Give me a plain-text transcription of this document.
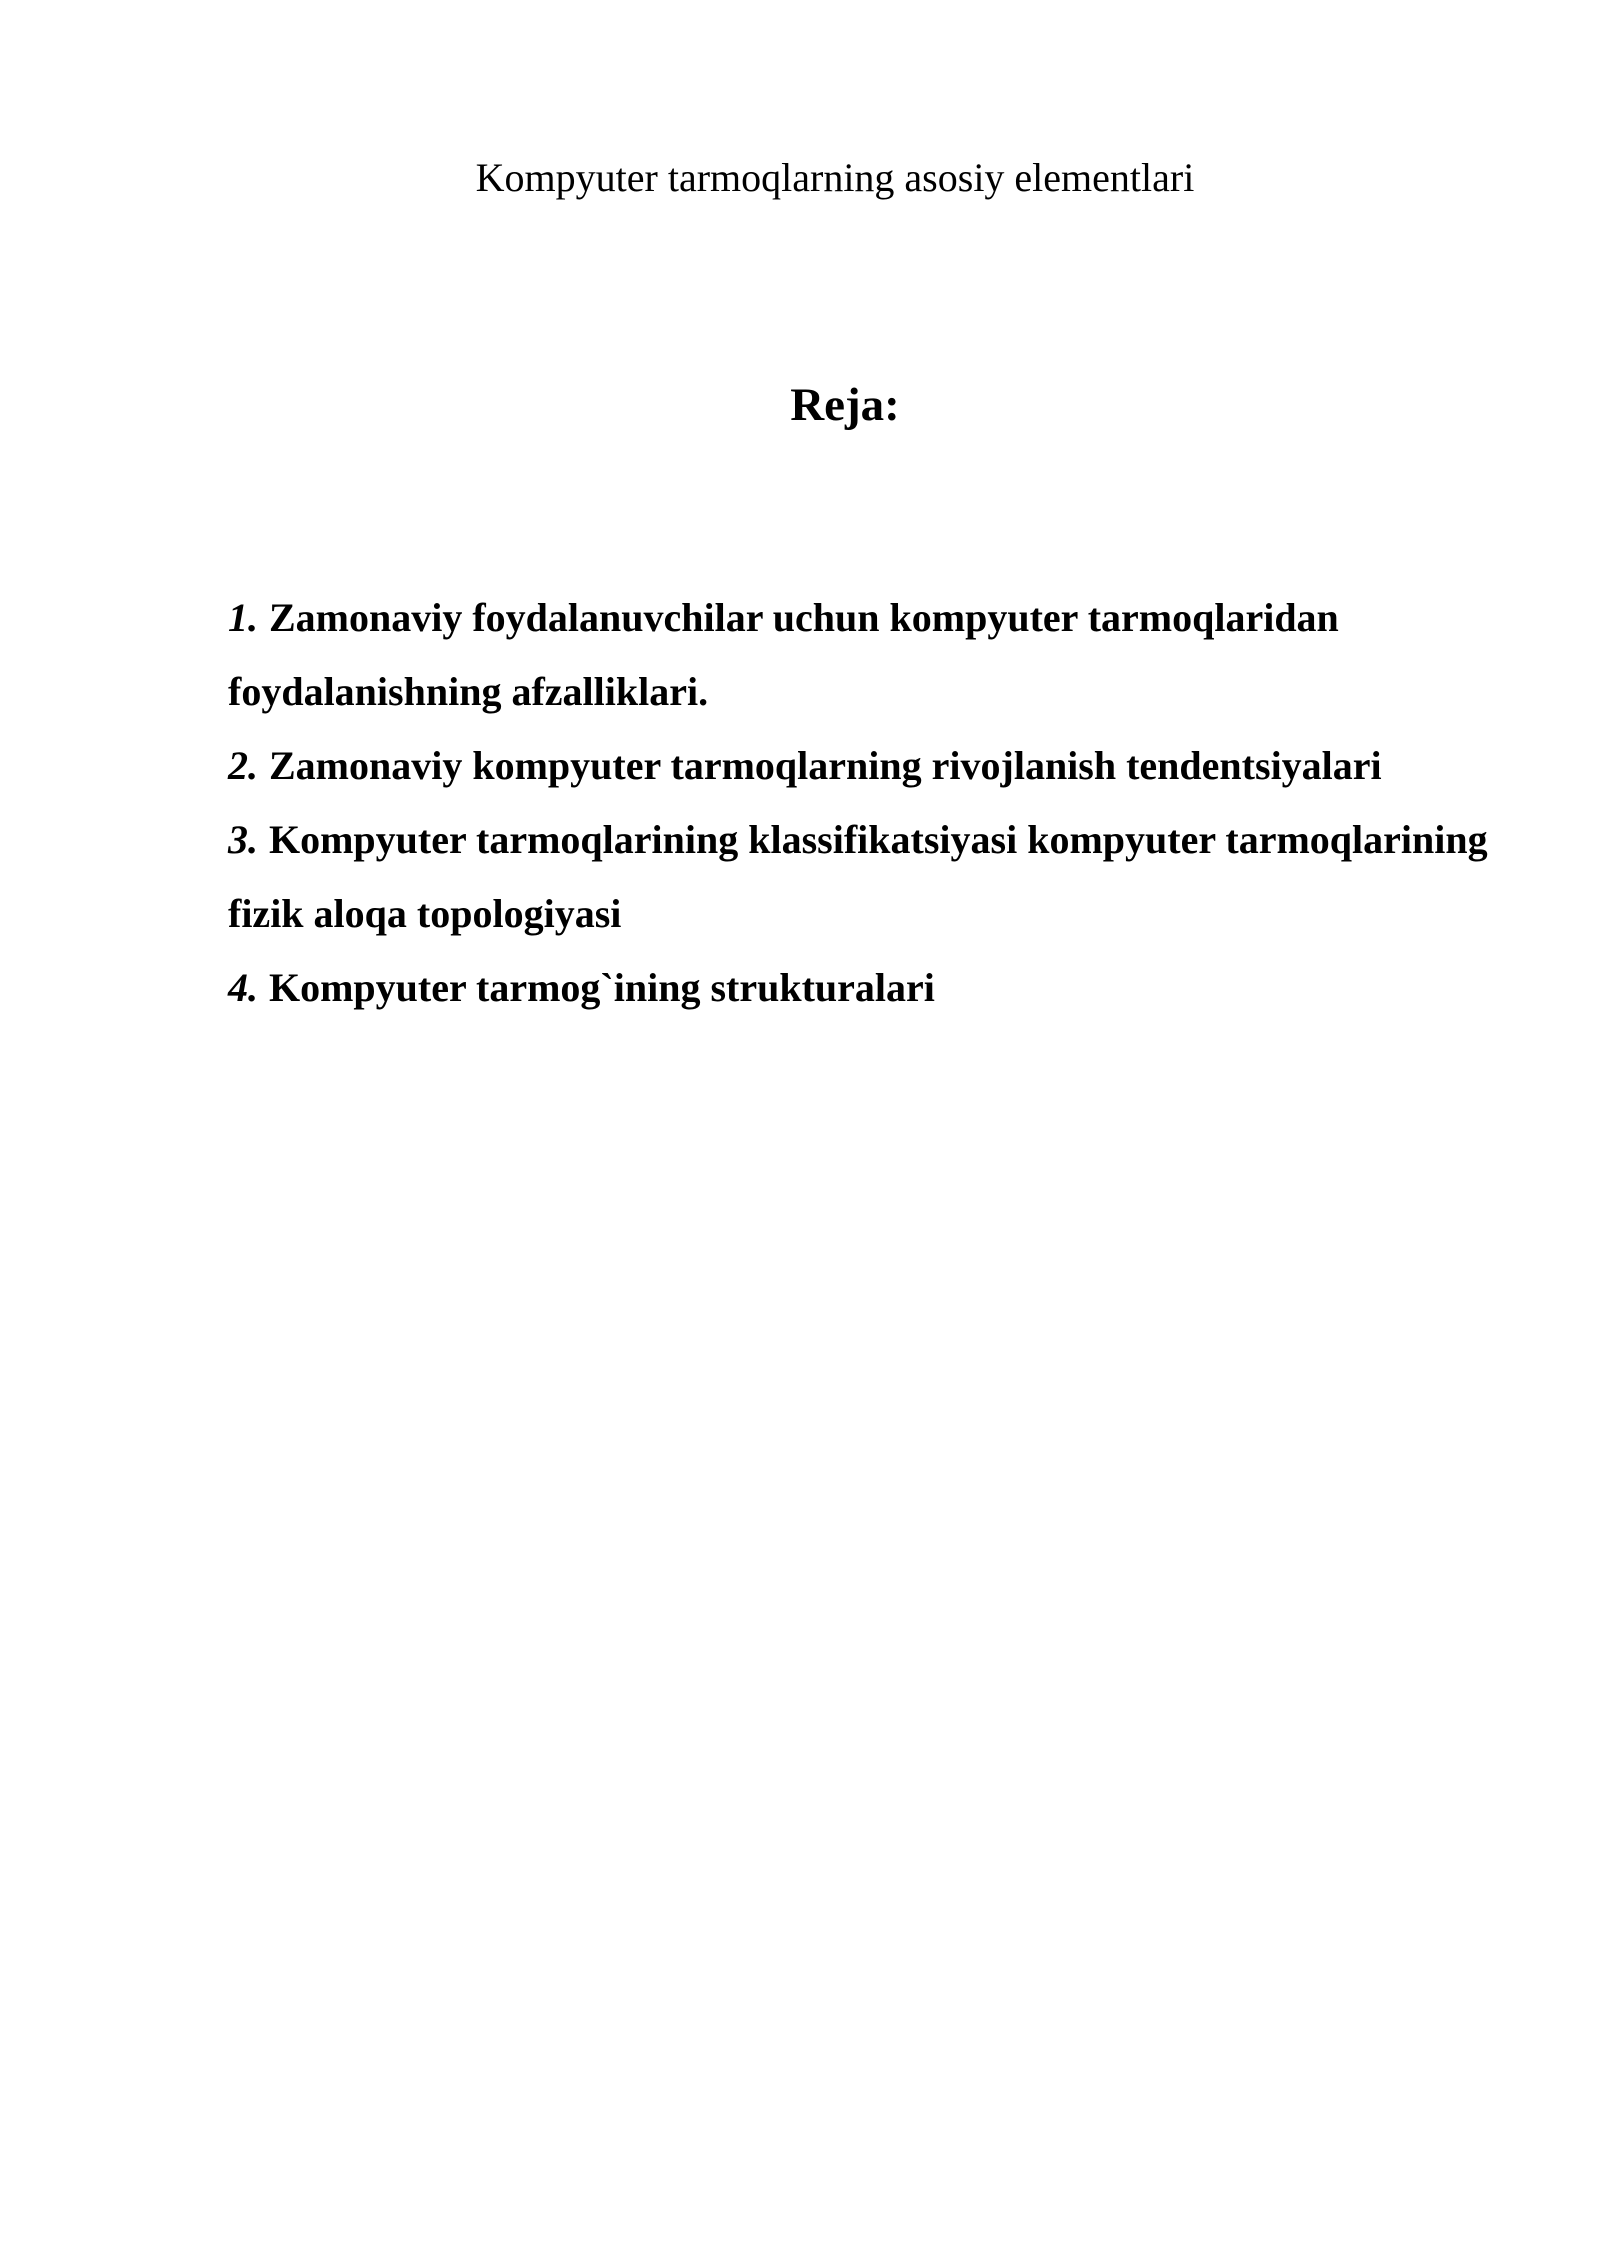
Kompyuter tarmoqlarning asosiy elementlari
Reja:
1. Zamonaviy foydalanuvchilar uchun kompyuter tarmoqlaridan foydalanishning afzalliklari.
2. Zamonaviy kompyuter tarmoqlarning rivojlanish tendentsiyalari
3. Kompyuter tarmoqlarining klassifikatsiyasi kompyuter tarmoqlarining fizik aloqa topologiyasi
4. Kompyuter tarmog`ining strukturalari
